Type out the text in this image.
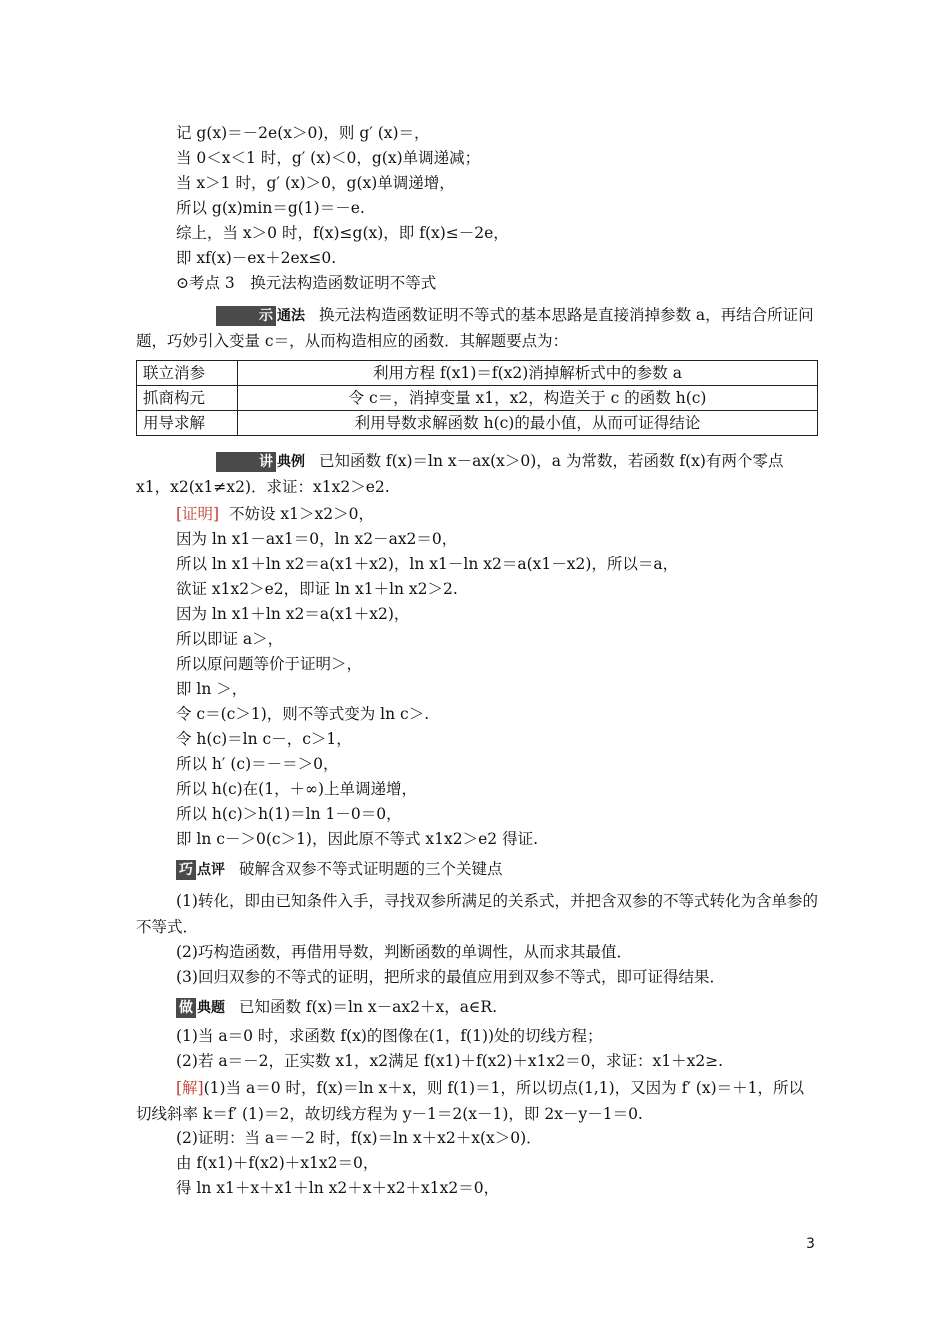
记 g(x)＝－2e(x＞0)，则 g′ (x)＝，
当 0＜x＜1 时，g′ (x)＜0，g(x)单调递减；
当 x＞1 时，g′ (x)＞0，g(x)单调递增，
所以 g(x)min＝g(1)＝－e.
综上，当 x＞0 时，f(x)≤g(x)，即 f(x)≤－2e，
即 xf(x)－ex＋2ex≤0.
⊙考点 3　换元法构造函数证明不等式
示 通法 换元法构造函数证明不等式的基本思路是直接消掉参数 a，再结合所证问题，巧妙引入变量 c＝，从而构造相应的函数．其解题要点为：
联立消参	利用方程 f(x1)＝f(x2)消掉解析式中的参数 a
抓商构元	令 c＝，消掉变量 x1，x2，构造关于 c 的函数 h(c)
用导求解	利用导数求解函数 h(c)的最小值，从而可证得结论
讲 典例 已知函数 f(x)＝ln x－ax(x＞0)，a 为常数，若函数 f(x)有两个零点 x1，x2(x1≠x2)．求证：x1x2＞e2.
[证明] 不妨设 x1＞x2＞0，
因为 ln x1－ax1＝0，ln x2－ax2＝0，
所以 ln x1＋ln x2＝a(x1＋x2)，ln x1－ln x2＝a(x1－x2)，所以＝a，
欲证 x1x2＞e2，即证 ln x1＋ln x2＞2.
因为 ln x1＋ln x2＝a(x1＋x2)，
所以即证 a＞，
所以原问题等价于证明＞，
即 ln ＞，
令 c＝(c＞1)，则不等式变为 ln c＞.
令 h(c)＝ln c－，c＞1，
所以 h′ (c)＝－＝＞0，
所以 h(c)在(1，＋∞)上单调递增，
所以 h(c)＞h(1)＝ln 1－0＝0，
即 ln c－＞0(c＞1)，因此原不等式 x1x2＞e2 得证.
巧 点评 破解含双参不等式证明题的三个关键点
(1)转化，即由已知条件入手，寻找双参所满足的关系式，并把含双参的不等式转化为含单参的不等式．
(2)巧构造函数，再借用导数，判断函数的单调性，从而求其最值．
(3)回归双参的不等式的证明，把所求的最值应用到双参不等式，即可证得结果．
做 典题 已知函数 f(x)＝ln x－ax2＋x，a∈R.
(1)当 a＝0 时，求函数 f(x)的图像在(1，f(1))处的切线方程；
(2)若 a＝－2，正实数 x1，x2满足 f(x1)＋f(x2)＋x1x2＝0，求证：x1＋x2≥.
[解](1)当 a＝0 时，f(x)＝ln x＋x，则 f(1)＝1，所以切点(1,1)，又因为 f′ (x)＝＋1，所以切线斜率 k＝f′ (1)＝2，故切线方程为 y－1＝2(x－1)，即 2x－y－1＝0.
(2)证明：当 a＝－2 时，f(x)＝ln x＋x2＋x(x＞0)．
由 f(x1)＋f(x2)＋x1x2＝0，
得 ln x1＋x＋x1＋ln x2＋x＋x2＋x1x2＝0，
3
